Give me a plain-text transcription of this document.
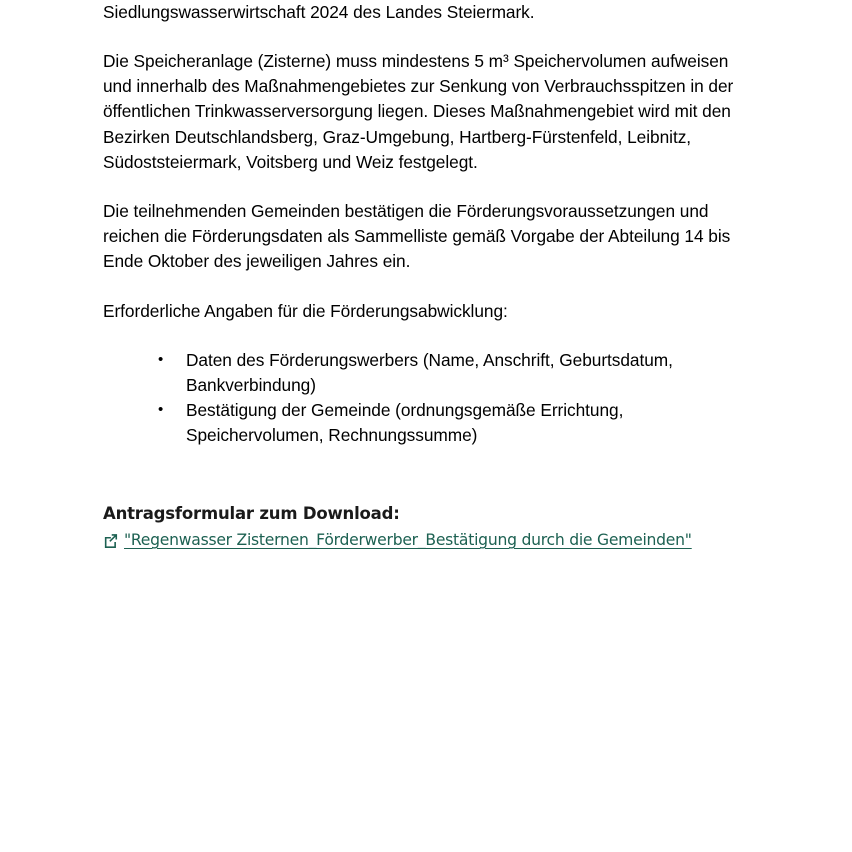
Siedlungswasserwirtschaft 2024 des Landes Steiermark.

Die Speicheranlage (Zisterne) muss mindestens 5 m³ Speichervolumen aufweisen und innerhalb des Maßnahmengebietes zur Senkung von Verbrauchsspitzen in der öffentlichen Trinkwasserversorgung liegen. Dieses Maßnahmengebiet wird mit den Bezirken Deutschlandsberg, Graz-Umgebung, Hartberg-Fürstenfeld, Leibnitz, Südoststeiermark, Voitsberg und Weiz festgelegt.

Die teilnehmenden Gemeinden bestätigen die Förderungsvoraussetzungen und reichen die Förderungsdaten als Sammelliste gemäß Vorgabe der Abteilung 14 bis Ende Oktober des jeweiligen Jahres ein.

Erforderliche Angaben für die Förderungsabwicklung:

• Daten des Förderungswerbers (Name, Anschrift, Geburtsdatum, Bankverbindung)
• Bestätigung der Gemeinde (ordnungsgemäße Errichtung, Speichervolumen, Rechnungssumme)
Antragsformular zum Download:
"Regenwasser Zisternen_Förderwerber_Bestätigung durch die Gemeinden"
